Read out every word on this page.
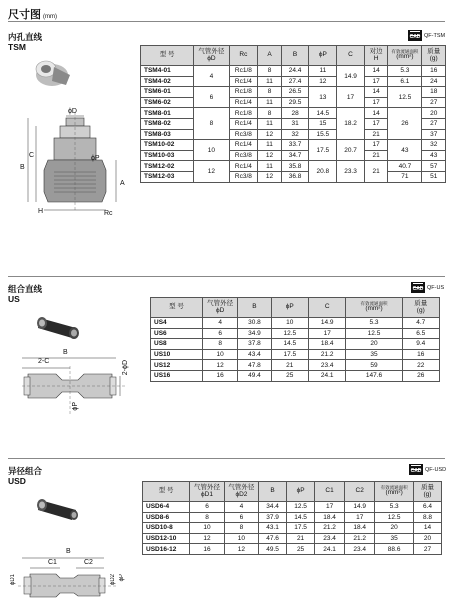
尺寸图 (mm)
内孔直线
TSM
CAD QF-TSM
ϕD
C
B
ϕP
A
H	Rc
型 号	气管外径
ϕD	Rc	A	B	ϕP	C	对边
H	有效流通面积
(mm²)	质量
(g)
TSM4-01	4	Rc1/8	8	24.4	11	14.9	14	5.3	16
TSM4-02		Rc1/4	11	27.4	12		17	6.1	24
TSM6-01	6	Rc1/8	8	26.5	13	17	14	12.5	18
TSM6-02		Rc1/4	11	29.5			17		27
TSM8-01	8	Rc1/8	8	28	14.5	18.2	14	26	20
TSM8-02		Rc1/4	11	31	15		17		27
TSM8-03		Rc3/8	12	32	15.5		21		37
TSM10-02	10	Rc1/4	11	33.7	17.5	20.7	17	43	32
TSM10-03		Rc3/8	12	34.7			21		43
TSM12-02	12	Rc1/4	11	35.8	20.8	23.3	21	40.7	57
TSM12-03		Rc3/8	12	36.8				71	51
组合直线
US
CAD QF-US
B
2-C	2-ϕD
ϕP
型 号	气管外径
ϕD	B	ϕP	C	有效流通面积
(mm²)	质量
(g)
US4	4	30.8	10	14.9	5.3	4.7
US6	6	34.9	12.5	17	12.5	6.5
US8	8	37.8	14.5	18.4	20	9.4
US10	10	43.4	17.5	21.2	35	16
US12	12	47.8	21	23.4	59	22
US16	16	49.4	25	24.1	147.6	26
异径组合
USD
CAD QF-USD
B
C1	C2
ϕD1	ϕP
ϕD2
型 号	气管外径
ϕD1	气管外径
ϕD2	B	ϕP	C1	C2	有效流通面积
(mm²)	质量
(g)
USD6-4	6	4	34.4	12.5	17	14.9	5.3	6.4
USD8-6	8	6	37.9	14.5	18.4	17	12.5	8.8
USD10-8	10	8	43.1	17.5	21.2	18.4	20	14
USD12-10	12	10	47.6	21	23.4	21.2	35	20
USD16-12	16	12	49.5	25	24.1	23.4	88.6	27
